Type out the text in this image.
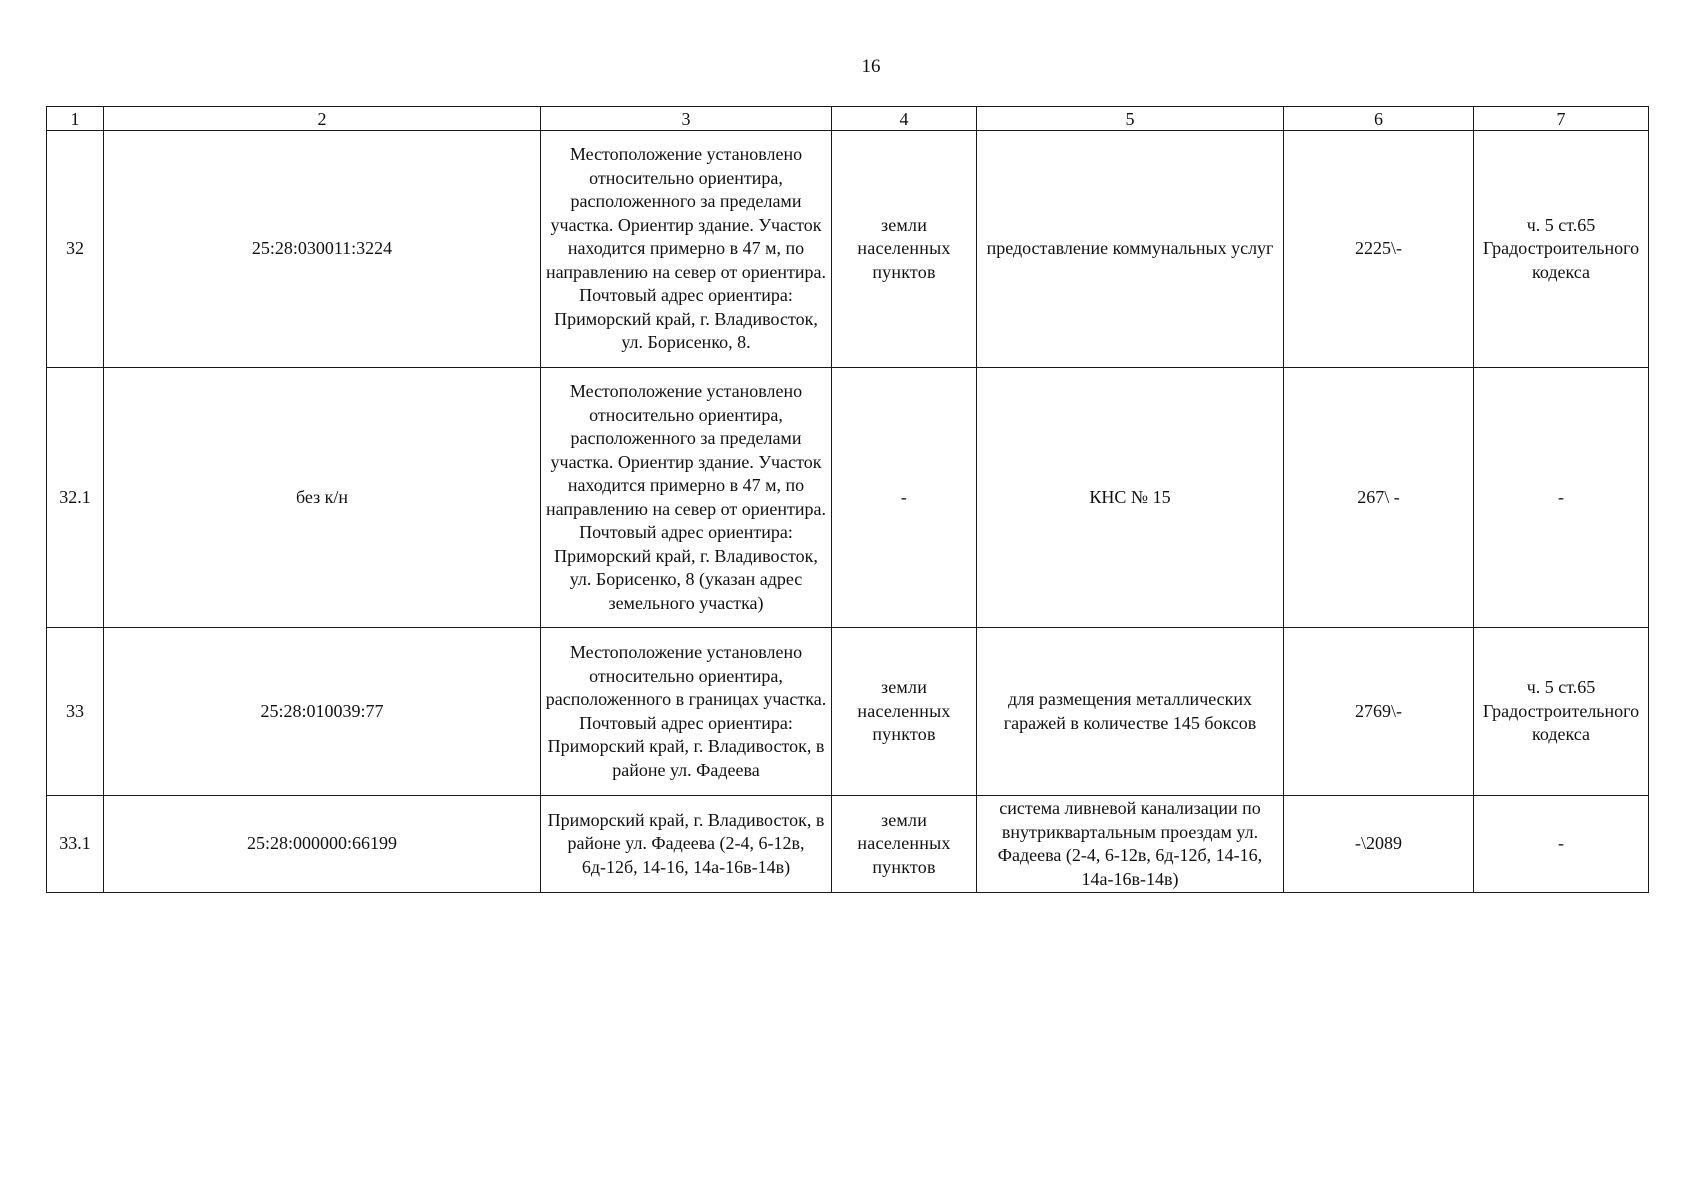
16
1	2	3	4	5	6	7
32	25:28:030011:3224	Местоположение установлено относительно ориентира, расположенного за пределами участка. Ориентир здание. Участок находится примерно в 47 м, по направлению на север от ориентира. Почтовый адрес ориентира: Приморский край, г. Владивосток, ул. Борисенко, 8.	земли населенных пунктов	предоставление коммунальных услуг	2225\-	ч. 5 ст.65 Градостроительного кодекса
32.1	без к/н	Местоположение установлено относительно ориентира, расположенного за пределами участка. Ориентир здание. Участок находится примерно в 47 м, по направлению на север от ориентира. Почтовый адрес ориентира: Приморский край, г. Владивосток, ул. Борисенко, 8 (указан адрес земельного участка)	-	КНС № 15	267\ -	-
33	25:28:010039:77	Местоположение установлено относительно ориентира, расположенного в границах участка. Почтовый адрес ориентира: Приморский край, г. Владивосток, в районе ул. Фадеева	земли населенных пунктов	для размещения металлических гаражей в количестве 145 боксов	2769\-	ч. 5 ст.65 Градостроительного кодекса
33.1	25:28:000000:66199	Приморский край, г. Владивосток, в районе ул. Фадеева (2-4, 6-12в, 6д-12б, 14-16, 14а-16в-14в)	земли населенных пунктов	система ливневой канализации по внутриквартальным проездам ул. Фадеева (2-4, 6-12в, 6д-12б, 14-16, 14а-16в-14в)	-\2089	-
